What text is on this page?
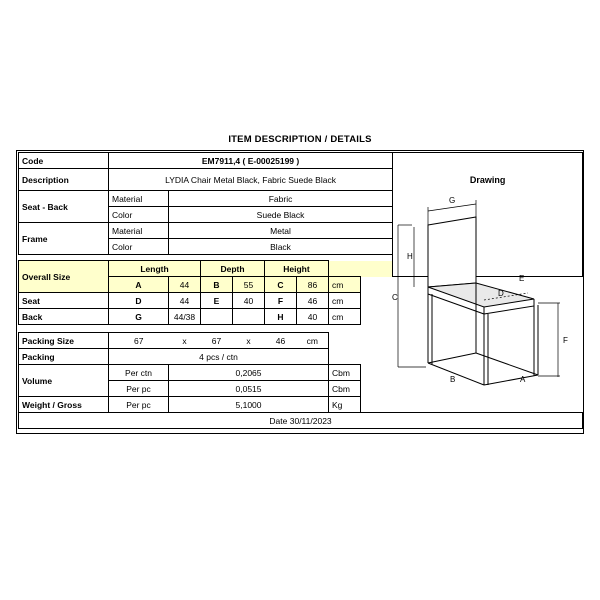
ITEM DESCRIPTION / DETAILS
Code	EM7911,4 ( E-00025199 )								Drawing

Description	LYDIA Chair Metal Black, Fabric Suede Black								
Seat - Back	Material	Fabric							
	Color	Suede Black							
Frame	Material	Metal							
	Color	Black							

Overall Size	Length		Depth		Height				
	A	44	B	55	C	86	cm		
Seat	D	44	E	40	F	46	cm		
Back	G	44/38			H	40	cm		

Packing Size	67	x	67	x	46	cm			
Packing	4 pcs / ctn								
Volume	Per ctn	0,2065					Cbm		
	Per pc	0,0515					Cbm		
Weight / Gross	Per pc	5,1000					Kg		
Date 30/11/2023									
G
H
C
E
D
F
B	A
